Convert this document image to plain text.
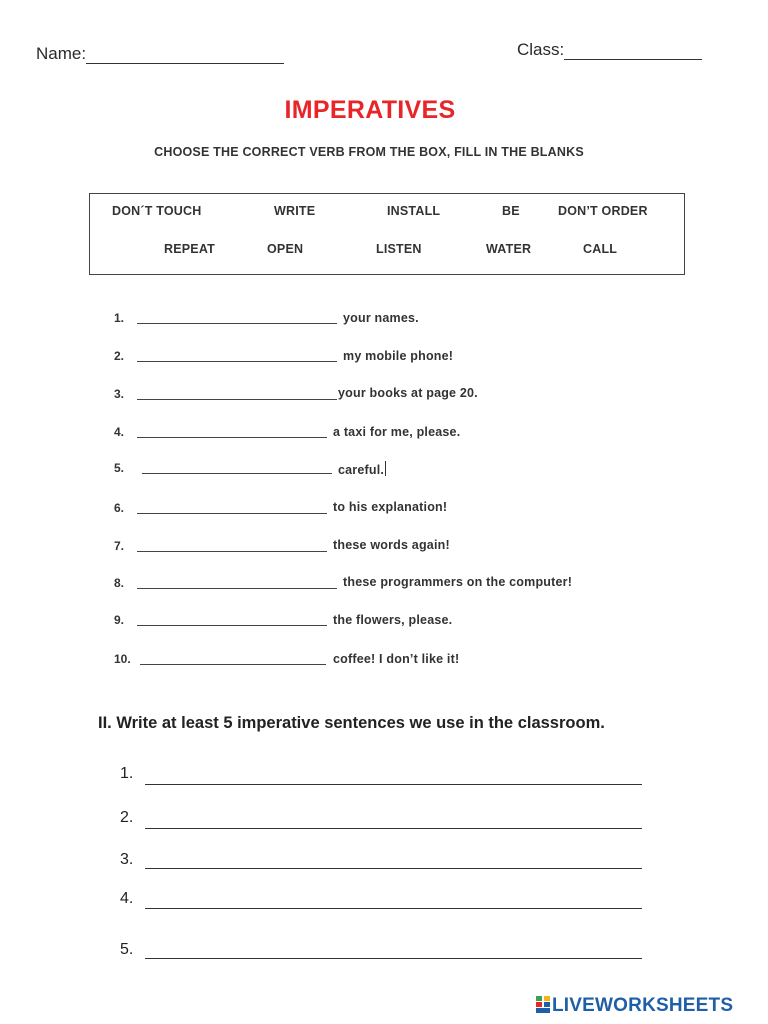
Name:	Class:
IMPERATIVES
CHOOSE THE CORRECT VERB FROM THE BOX, FILL IN THE BLANKS
DON´T TOUCH	WRITE	INSTALL	BE	DON’T ORDER
REPEAT	OPEN	LISTEN	WATER	CALL
1.	your names.
2.	my mobile phone!
3.	your books at page 20.
4.	a taxi for me, please.
5.	careful.
6.	to his explanation!
7.	these words again!
8.	these programmers on the computer!
9.	the flowers, please.
10.	coffee! I don’t like it!
II. Write at least 5 imperative sentences we use in the classroom.
1.
2.
3.
4.
5.
LIVEWORKSHEETS
